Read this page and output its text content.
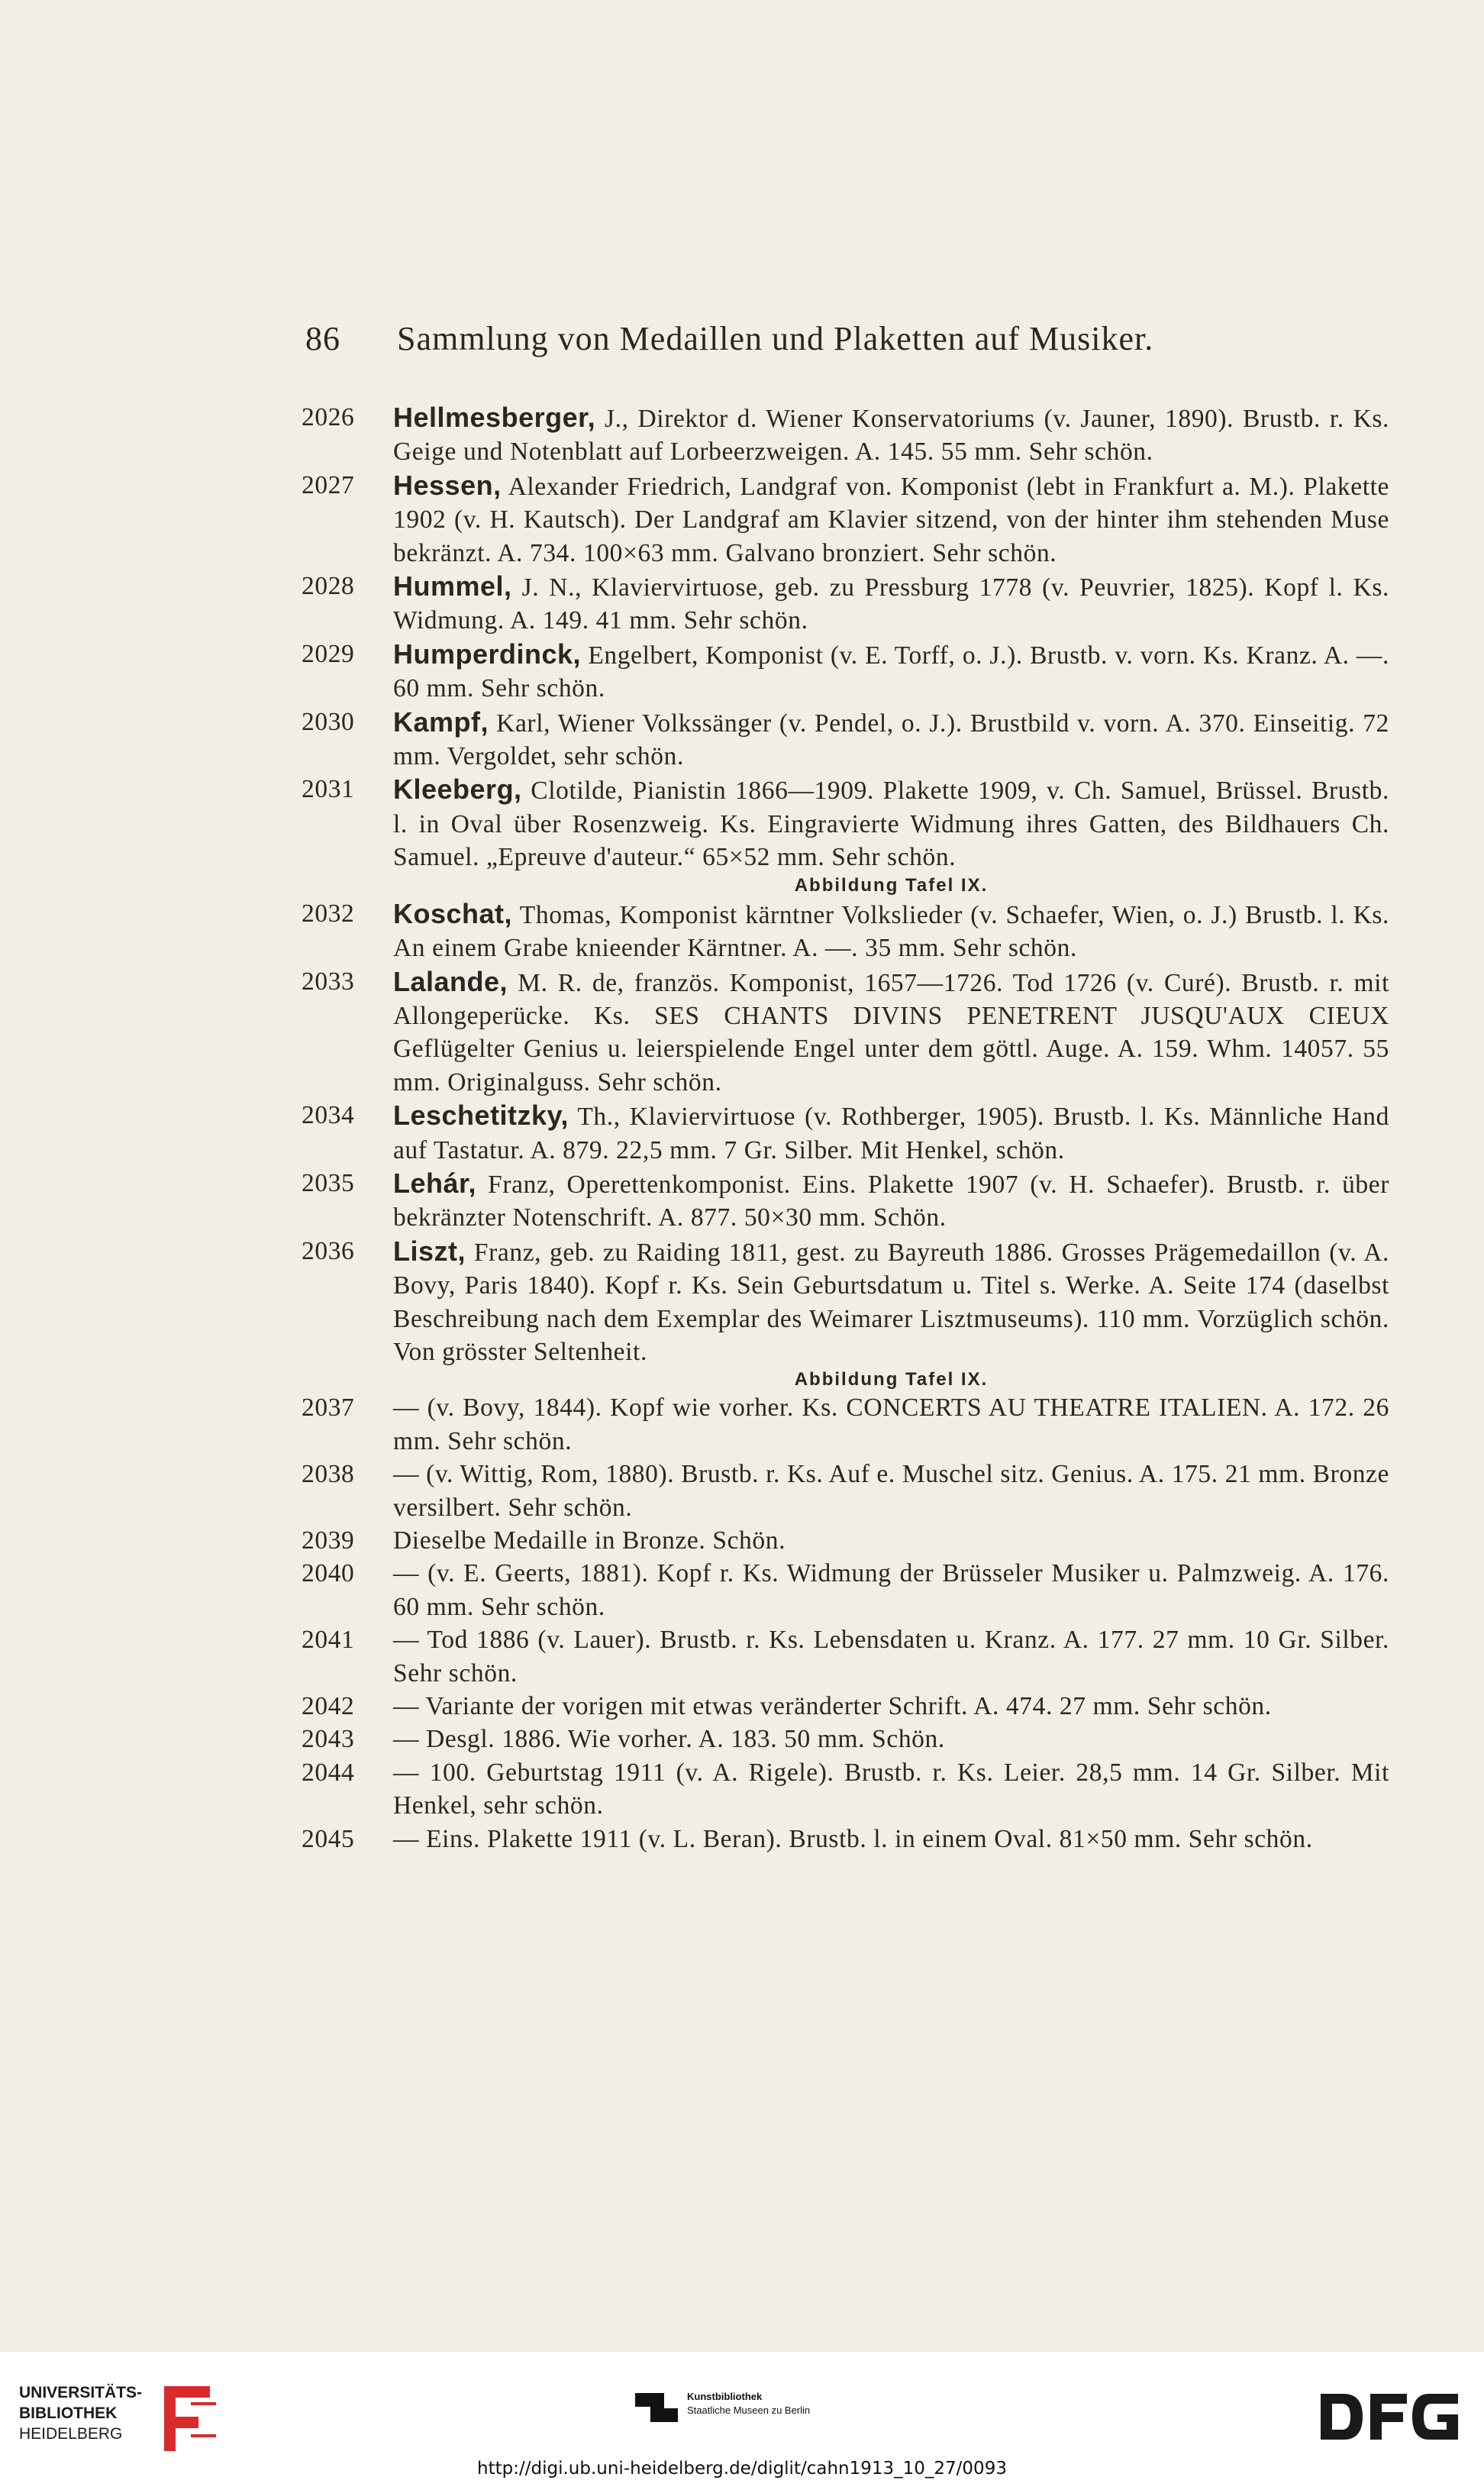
86	Sammlung von Medaillen und Plaketten auf Musiker.
2026 Hellmesberger, J., Direktor d. Wiener Konservatoriums (v. Jauner, 1890). Brustb. r. Ks. Geige und Notenblatt auf Lorbeerzweigen. A. 145. 55 mm. Sehr schön.
2027 Hessen, Alexander Friedrich, Landgraf von. Komponist (lebt in Frankfurt a. M.). Plakette 1902 (v. H. Kautsch). Der Landgraf am Klavier sitzend, von der hinter ihm stehenden Muse bekränzt. A. 734. 100×63 mm. Galvano bronziert. Sehr schön.
2028 Hummel, J. N., Klaviervirtuose, geb. zu Pressburg 1778 (v. Peuvrier, 1825). Kopf l. Ks. Widmung. A. 149. 41 mm. Sehr schön.
2029 Humperdinck, Engelbert, Komponist (v. E. Torff, o. J.). Brustb. v. vorn. Ks. Kranz. A. —. 60 mm. Sehr schön.
2030 Kampf, Karl, Wiener Volkssänger (v. Pendel, o. J.). Brustbild v. vorn. A. 370. Einseitig. 72 mm. Vergoldet, sehr schön.
2031 Kleeberg, Clotilde, Pianistin 1866—1909. Plakette 1909, v. Ch. Samuel, Brüssel. Brustb. l. in Oval über Rosenzweig. Ks. Eingravierte Widmung ihres Gatten, des Bildhauers Ch. Samuel. „Epreuve d'auteur.“ 65×52 mm. Sehr schön.
Abbildung Tafel IX.
2032 Koschat, Thomas, Komponist kärntner Volkslieder (v. Schaefer, Wien, o. J.) Brustb. l. Ks. An einem Grabe knieender Kärntner. A. —. 35 mm. Sehr schön.
2033 Lalande, M. R. de, französ. Komponist, 1657—1726. Tod 1726 (v. Curé). Brustb. r. mit Allongeperücke. Ks. SES CHANTS DIVINS PENETRENT JUSQU'AUX CIEUX Geflügelter Genius u. leierspielende Engel unter dem göttl. Auge. A. 159. Whm. 14057. 55 mm. Originalguss. Sehr schön.
2034 Leschetitzky, Th., Klaviervirtuose (v. Rothberger, 1905). Brustb. l. Ks. Männliche Hand auf Tastatur. A. 879. 22,5 mm. 7 Gr. Silber. Mit Henkel, schön.
2035 Lehár, Franz, Operettenkomponist. Eins. Plakette 1907 (v. H. Schaefer). Brustb. r. über bekränzter Notenschrift. A. 877. 50×30 mm. Schön.
2036 Liszt, Franz, geb. zu Raiding 1811, gest. zu Bayreuth 1886. Grosses Prägemedaillon (v. A. Bovy, Paris 1840). Kopf r. Ks. Sein Geburtsdatum u. Titel s. Werke. A. Seite 174 (daselbst Beschreibung nach dem Exemplar des Weimarer Lisztmuseums). 110 mm. Vorzüglich schön. Von grösster Seltenheit.
Abbildung Tafel IX.
2037 — (v. Bovy, 1844). Kopf wie vorher. Ks. CONCERTS AU THEATRE ITALIEN. A. 172. 26 mm. Sehr schön.
2038 — (v. Wittig, Rom, 1880). Brustb. r. Ks. Auf e. Muschel sitz. Genius. A. 175. 21 mm. Bronze versilbert. Sehr schön.
2039 Dieselbe Medaille in Bronze. Schön.
2040 — (v. E. Geerts, 1881). Kopf r. Ks. Widmung der Brüsseler Musiker u. Palmzweig. A. 176. 60 mm. Sehr schön.
2041 — Tod 1886 (v. Lauer). Brustb. r. Ks. Lebensdaten u. Kranz. A. 177. 27 mm. 10 Gr. Silber. Sehr schön.
2042 — Variante der vorigen mit etwas veränderter Schrift. A. 474. 27 mm. Sehr schön.
2043 — Desgl. 1886. Wie vorher. A. 183. 50 mm. Schön.
2044 — 100. Geburtstag 1911 (v. A. Rigele). Brustb. r. Ks. Leier. 28,5 mm. 14 Gr. Silber. Mit Henkel, sehr schön.
2045 — Eins. Plakette 1911 (v. L. Beran). Brustb. l. in einem Oval. 81×50 mm. Sehr schön.
UNIVERSITÄTS-
BIBLIOTHEK
HEIDELBERG
Kunstbibliothek
Staatliche Museen zu Berlin
http://digi.ub.uni-heidelberg.de/diglit/cahn1913_10_27/0093
